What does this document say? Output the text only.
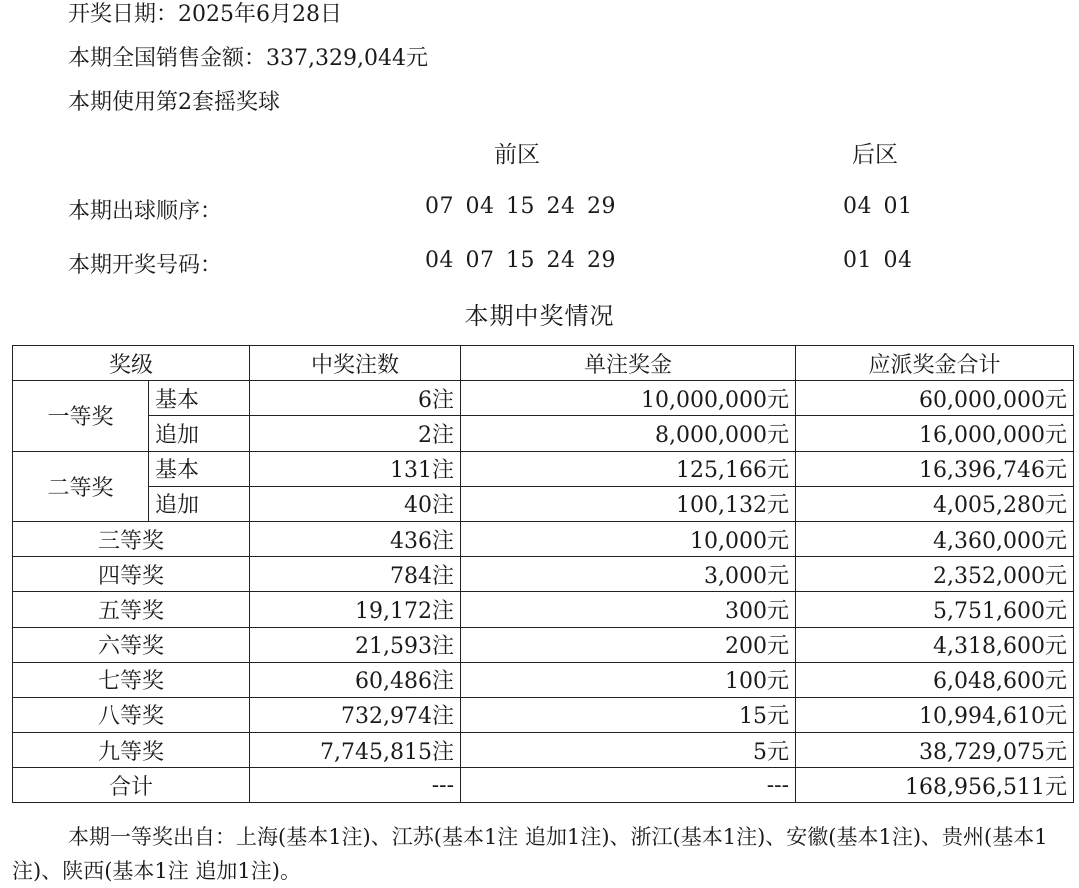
开奖日期：2025年6月28日
本期全国销售金额：337,329,044元
本期使用第2套摇奖球
前区	后区
本期出球顺序：	07 04 15 24 29	04 01
本期开奖号码：	04 07 15 24 29	01 04
本期中奖情况
奖级		中奖注数	单注奖金	应派奖金合计
一等奖	基本	6注	10,000,000元	60,000,000元
	追加	2注	8,000,000元	16,000,000元
二等奖	基本	131注	125,166元	16,396,746元
	追加	40注	100,132元	4,005,280元
三等奖		436注	10,000元	4,360,000元
四等奖		784注	3,000元	2,352,000元
五等奖		19,172注	300元	5,751,600元
六等奖		21,593注	200元	4,318,600元
七等奖		60,486注	100元	6,048,600元
八等奖		732,974注	15元	10,994,610元
九等奖		7,745,815注	5元	38,729,075元
合计		---	---	168,956,511元
本期一等奖出自：上海(基本1注)、江苏(基本1注 追加1注)、浙江(基本1注)、安徽(基本1注)、贵州(基本1注)、陕西(基本1注 追加1注)。
